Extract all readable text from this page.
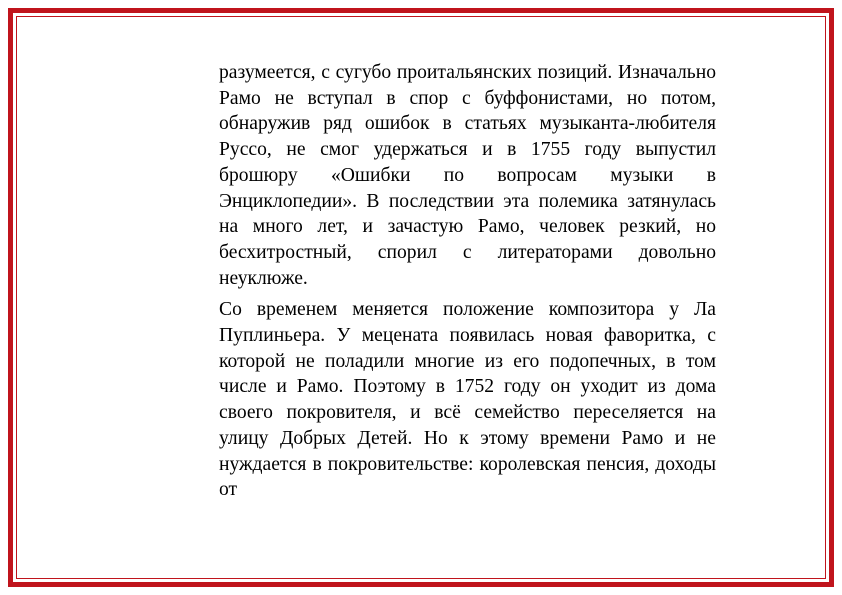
разумеется, с сугубо проитальянских позиций. Изначально Рамо не вступал в спор с буффонистами, но потом, обнаружив ряд ошибок в статьях музыканта-любителя Руссо, не смог удержаться и в 1755 году выпустил брошюру «Ошибки по вопросам музыки в Энциклопедии». В последствии эта полемика затянулась на много лет, и зачастую Рамо, человек резкий, но бесхитростный, спорил с литераторами довольно неуклюже.

Со временем меняется положение композитора у Ла Пуплиньера. У мецената появилась новая фаворитка, с которой не поладили многие из его подопечных, в том числе и Рамо. Поэтому в 1752 году он уходит из дома своего покровителя, и всё семейство переселяется на улицу Добрых Детей. Но к этому времени Рамо и не нуждается в покровительстве: королевская пенсия, доходы от
